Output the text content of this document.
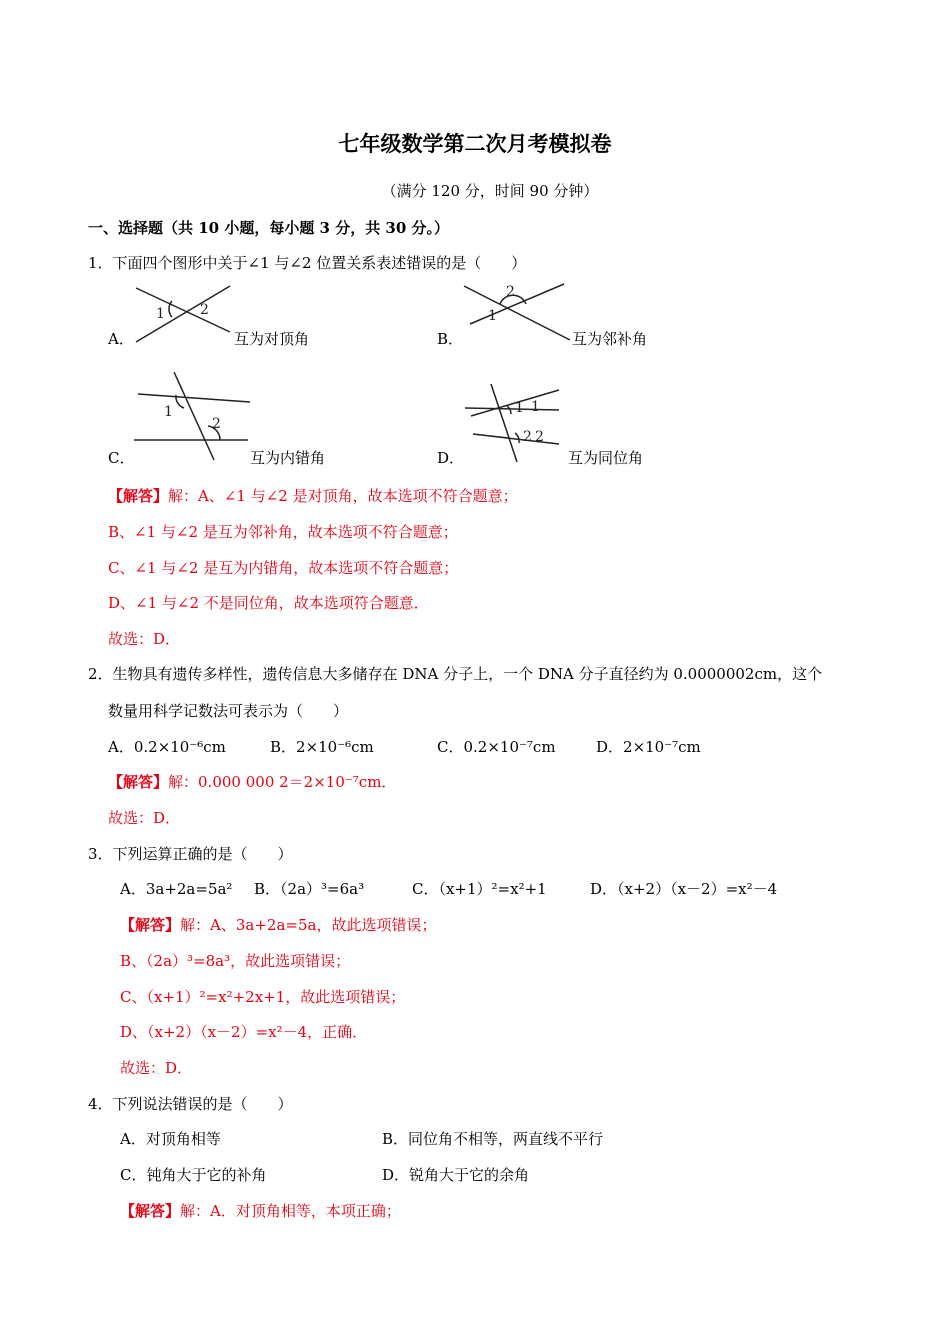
七年级数学第二次月考模拟卷
（满分 120 分，时间 90 分钟）
一、选择题（共 10 小题，每小题 3 分，共 30 分。）
1．下面四个图形中关于∠1 与∠2 位置关系表述错误的是（　　）
1	2
A．	互为对顶角
2
1
B．	互为邻补角
1
2
C．	互为内错角
1
2
1
2
D．	互为同位角
【解答】解：A、∠1 与∠2 是对顶角，故本选项不符合题意；
B、∠1 与∠2 是互为邻补角，故本选项不符合题意；
C、∠1 与∠2 是互为内错角，故本选项不符合题意；
D、∠1 与∠2 不是同位角，故本选项符合题意．
故选：D．
2．生物具有遗传多样性，遗传信息大多储存在 DNA 分子上，一个 DNA 分子直径约为 0.0000002cm，这个
数量用科学记数法可表示为（　　）
A．0.2×10⁻⁶cm	B．2×10⁻⁶cm	C．0.2×10⁻⁷cm	D．2×10⁻⁷cm
【解答】解：0.000 000 2＝2×10⁻⁷cm．
故选：D．
3．下列运算正确的是（　　）
A．3a+2a=5a² B．（2a）³=6a³	C．（x+1）²=x²+1	D．（x+2）（x－2）=x²－4
【解答】解：A、3a+2a=5a，故此选项错误；
B、（2a）³=8a³，故此选项错误；
C、（x+1）²=x²+2x+1，故此选项错误；
D、（x+2）（x－2）=x²－4，正确．
故选：D．
4．下列说法错误的是（　　）
A．对顶角相等	B．同位角不相等，两直线不平行
C．钝角大于它的补角	D．锐角大于它的余角
【解答】解：A．对顶角相等，本项正确；
